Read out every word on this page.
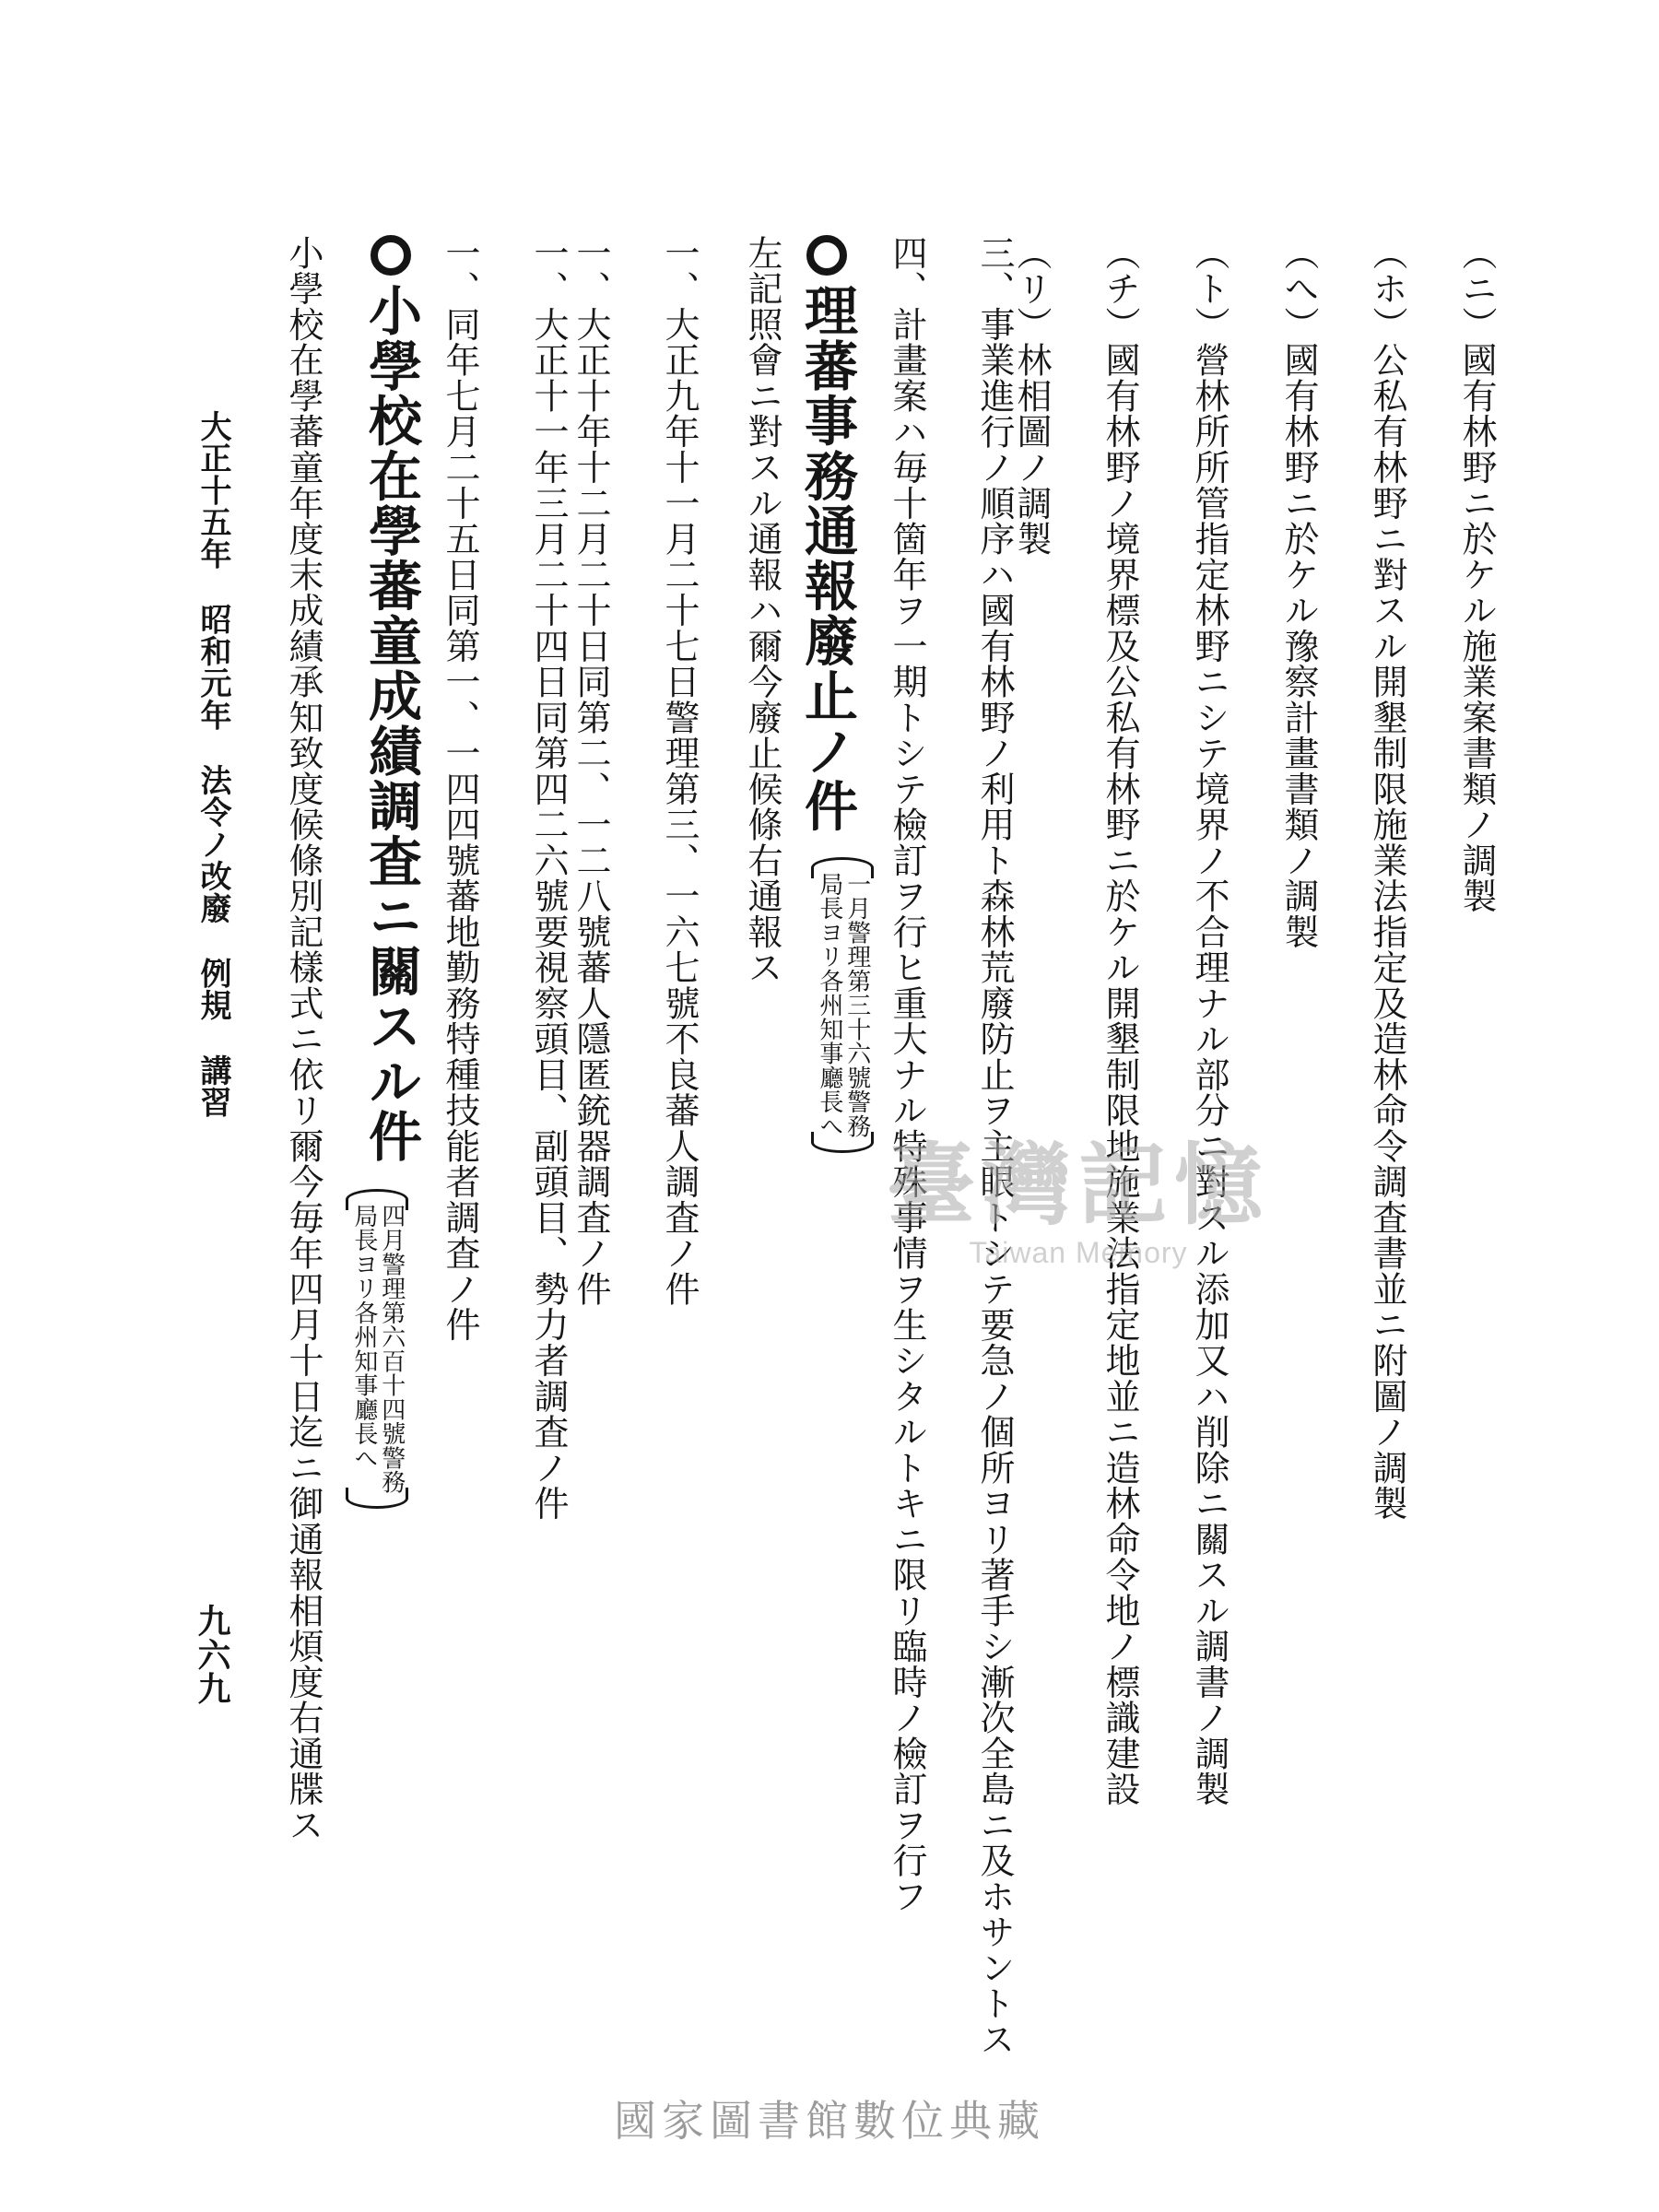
（ニ）國有林野ニ於ケル施業案書類ノ調製
（ホ）公私有林野ニ對スル開墾制限施業法指定及造林命令調査書並ニ附圖ノ調製
（へ）國有林野ニ於ケル豫察計畫書類ノ調製
（ト）營林所所管指定林野ニシテ境界ノ不合理ナル部分ニ對スル添加又ハ削除ニ關スル調書ノ調製
（チ）國有林野ノ境界標及公私有林野ニ於ケル開墾制限地施業法指定地並ニ造林命令地ノ標識建設
（リ）林相圖ノ調製
三、事業進行ノ順序ハ國有林野ノ利用ト森林荒廢防止ヲ主眼トシテ要急ノ個所ヨリ著手シ漸次全島ニ及ホサントス
四、計畫案ハ毎十箇年ヲ一期トシテ檢訂ヲ行ヒ重大ナル特殊事情ヲ生シタルトキニ限リ臨時ノ檢訂ヲ行フ
理蕃事務通報廢止ノ件
一月警理第三十六號警務
局長ヨリ各州知事廳長へ
左記照會ニ對スル通報ハ爾今廢止候條右通報ス
一、大正九年十一月二十七日警理第三、一六七號不良蕃人調査ノ件
一、大正十年十二月二十日同第二、一二八號蕃人隱匿銃器調査ノ件
一、大正十一年三月二十四日同第四二六號要視察頭目、副頭目、勢力者調査ノ件
一、同年七月二十五日同第一、一四四號蕃地勤務特種技能者調査ノ件
小學校在學蕃童成績調査ニ關スル件
四月警理第六百十四號警務
局長ヨリ各州知事廳長へ
小學校在學蕃童年度末成績承知致度候條別記樣式ニ依リ爾今毎年四月十日迄ニ御通報相煩度右通牒ス
大正十五年昭和元年法令ノ改廢例規講習
九六九
臺灣記憶
Taiwan Memory
國家圖書館數位典藏
